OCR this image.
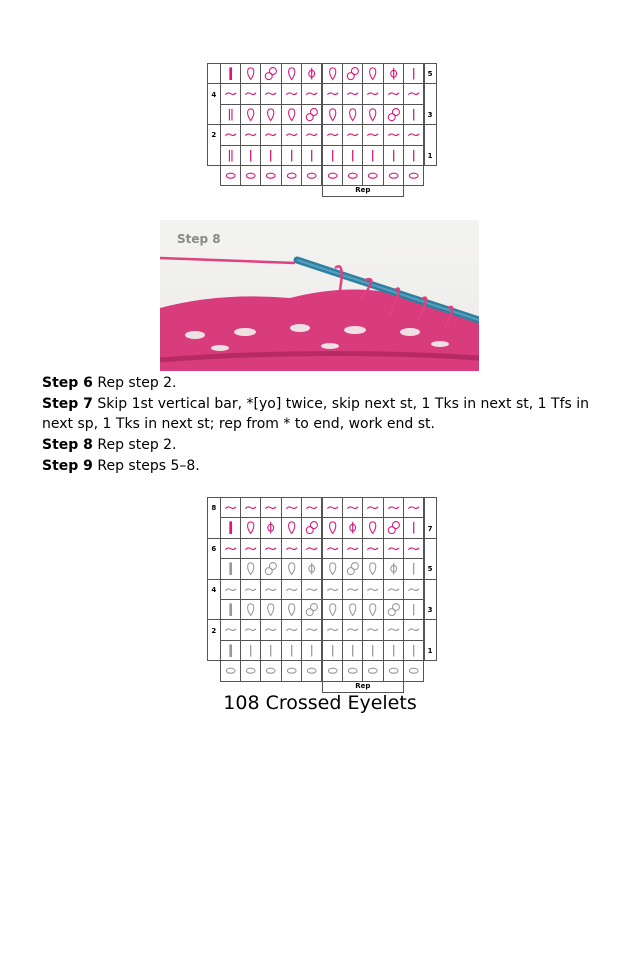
4
2
5
3
1
Rep
Step 8

Step 6 Rep step 2.

Step 7 Skip 1st vertical bar, *[yo] twice, skip next st, 1 Tks in next st, 1 Tfs in next sp, 1 Tks in next st; rep from * to end, work end st.

Step 8 Rep step 2.

Step 9 Rep steps 5–8.

8
6
4
2
7
5
3
1
Rep
108 Crossed Eyelets
